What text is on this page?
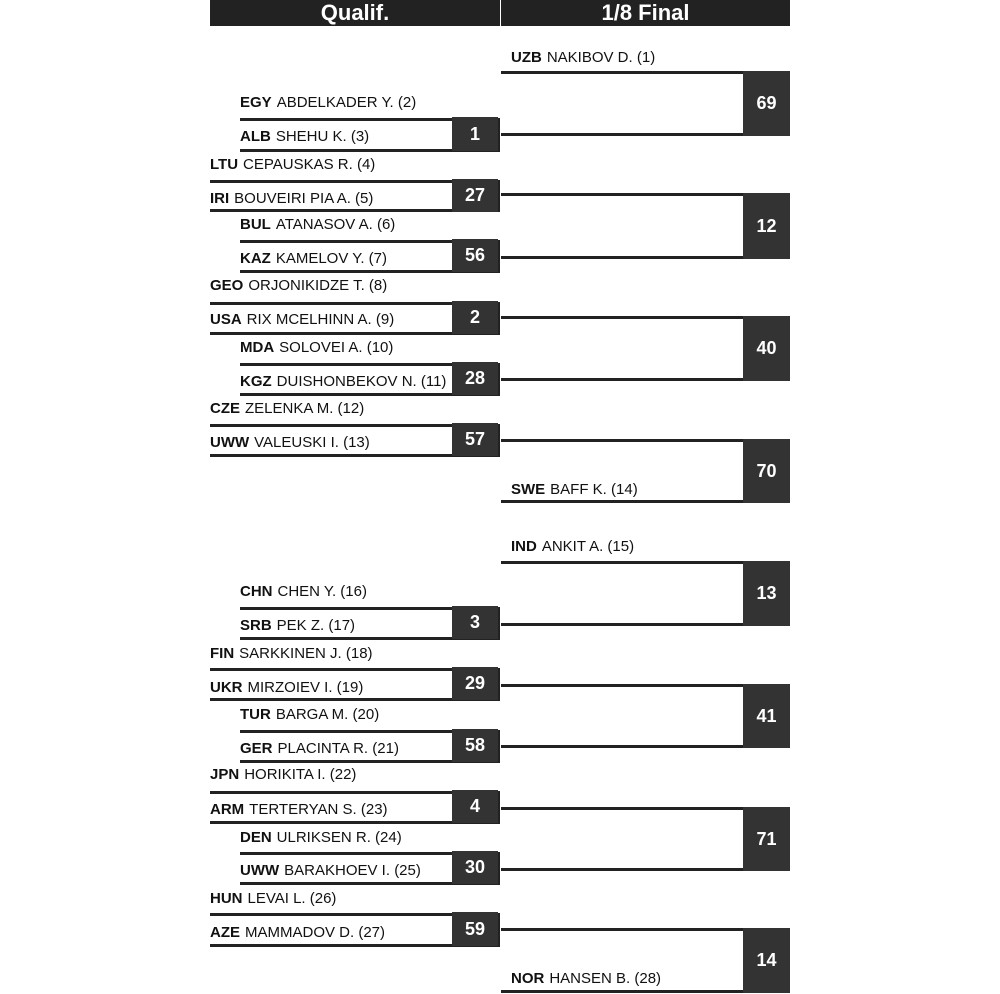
Qualif.	1/8 Final
UZB NAKIBOV D. (1)
EGY ABDELKADER Y. (2)
ALB SHEHU K. (3)
LTU CEPAUSKAS R. (4)
IRI BOUVEIRI PIA A. (5)
BUL ATANASOV A. (6)
KAZ KAMELOV Y. (7)
GEO ORJONIKIDZE T. (8)
USA RIX MCELHINN A. (9)
MDA SOLOVEI A. (10)
KGZ DUISHONBEKOV N. (11)
CZE ZELENKA M. (12)
UWW VALEUSKI I. (13)
SWE BAFF K. (14)
IND ANKIT A. (15)
CHN CHEN Y. (16)
SRB PEK Z. (17)
FIN SARKKINEN J. (18)
UKR MIRZOIEV I. (19)
TUR BARGA M. (20)
GER PLACINTA R. (21)
JPN HORIKITA I. (22)
ARM TERTERYAN S. (23)
DEN ULRIKSEN R. (24)
UWW BARAKHOEV I. (25)
HUN LEVAI L. (26)
AZE MAMMADOV D. (27)
NOR HANSEN B. (28)
1
27
56
2
28
57
3
29
58
4
30
59
69
12
40
70
13
41
71
14
